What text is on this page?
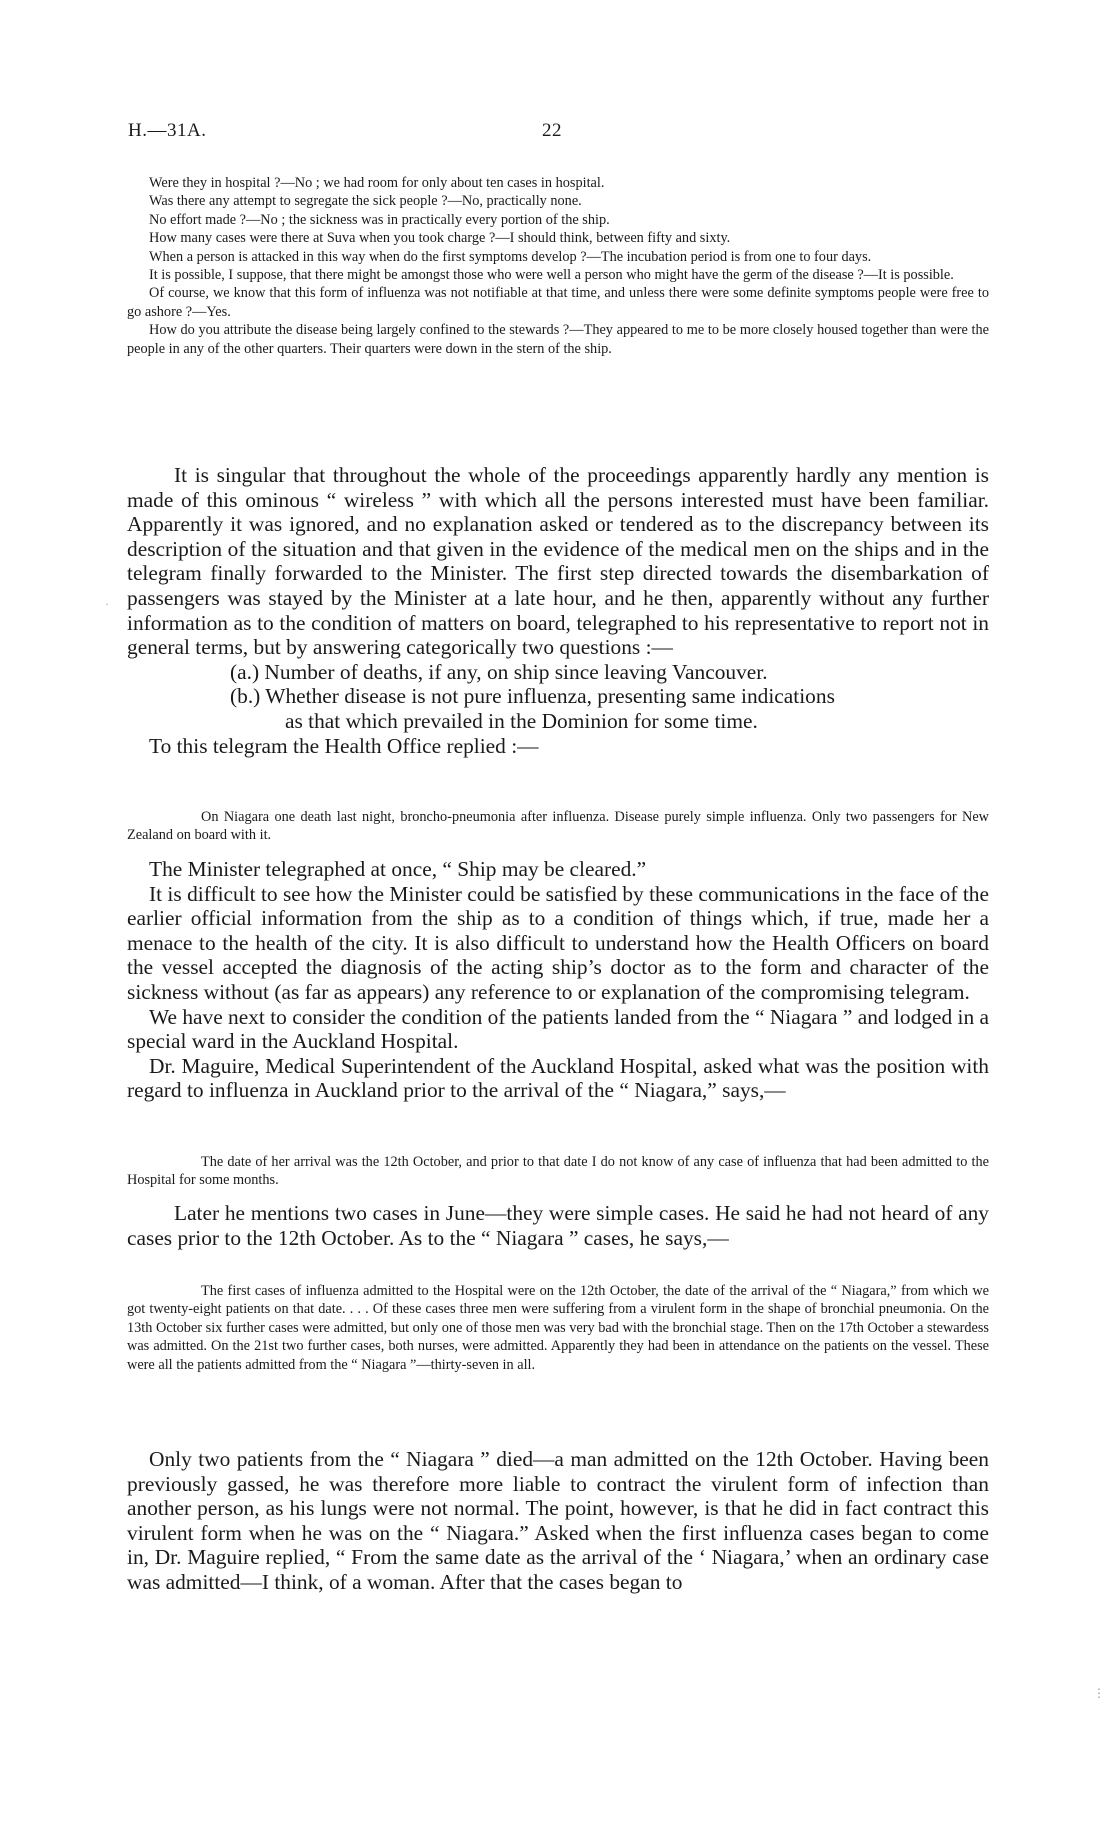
H.—31A.	22

Were they in hospital ?—No ; we had room for only about ten cases in hospital.

Was there any attempt to segregate the sick people ?—No, practically none.

No effort made ?—No ; the sickness was in practically every portion of the ship.

How many cases were there at Suva when you took charge ?—I should think, between fifty and sixty.

When a person is attacked in this way when do the first symptoms develop ?—The incubation period is from one to four days.

It is possible, I suppose, that there might be amongst those who were well a person who might have the germ of the disease ?—It is possible.

Of course, we know that this form of influenza was not notifiable at that time, and unless there were some definite symptoms people were free to go ashore ?—Yes.

How do you attribute the disease being largely confined to the stewards ?—They appeared to me to be more closely housed together than were the people in any of the other quarters. Their quarters were down in the stern of the ship.

It is singular that throughout the whole of the proceedings apparently hardly any mention is made of this ominous “ wireless ” with which all the persons interested must have been familiar. Apparently it was ignored, and no explanation asked or tendered as to the discrepancy between its description of the situation and that given in the evidence of the medical men on the ships and in the telegram finally forwarded to the Minister. The first step directed towards the disembarkation of passengers was stayed by the Minister at a late hour, and he then, apparently without any further information as to the condition of matters on board, telegraphed to his representative to report not in general terms, but by answering categorically two questions :—

(a.) Number of deaths, if any, on ship since leaving Vancouver.

(b.) Whether disease is not pure influenza, presenting same indications
as that which prevailed in the Dominion for some time.

To this telegram the Health Office replied :—

On Niagara one death last night, broncho-pneumonia after influenza. Disease purely simple influenza. Only two passengers for New Zealand on board with it.

The Minister telegraphed at once, “ Ship may be cleared.”

It is difficult to see how the Minister could be satisfied by these communications in the face of the earlier official information from the ship as to a condition of things which, if true, made her a menace to the health of the city. It is also difficult to understand how the Health Officers on board the vessel accepted the diagnosis of the acting ship’s doctor as to the form and character of the sickness without (as far as appears) any reference to or explanation of the compromising telegram.

We have next to consider the condition of the patients landed from the “ Niagara ” and lodged in a special ward in the Auckland Hospital.

Dr. Maguire, Medical Superintendent of the Auckland Hospital, asked what was the position with regard to influenza in Auckland prior to the arrival of the “ Niagara,” says,—

The date of her arrival was the 12th October, and prior to that date I do not know of any case of influenza that had been admitted to the Hospital for some months.

Later he mentions two cases in June—they were simple cases. He said he had not heard of any cases prior to the 12th October. As to the “ Niagara ” cases, he says,—

The first cases of influenza admitted to the Hospital were on the 12th October, the date of the arrival of the “ Niagara,” from which we got twenty-eight patients on that date. . . . Of these cases three men were suffering from a virulent form in the shape of bronchial pneumonia. On the 13th October six further cases were admitted, but only one of those men was very bad with the bronchial stage. Then on the 17th October a stewardess was admitted. On the 21st two further cases, both nurses, were admitted. Apparently they had been in attendance on the patients on the vessel. These were all the patients admitted from the “ Niagara ”—thirty-seven in all.

Only two patients from the “ Niagara ” died—a man admitted on the 12th October. Having been previously gassed, he was therefore more liable to contract the virulent form of infection than another person, as his lungs were not normal. The point, however, is that he did in fact contract this virulent form when he was on the “ Niagara.” Asked when the first influenza cases began to come in, Dr. Maguire replied, “ From the same date as the arrival of the ‘ Niagara,’ when an ordinary case was admitted—I think, of a woman. After that the cases began to

·
⋮
